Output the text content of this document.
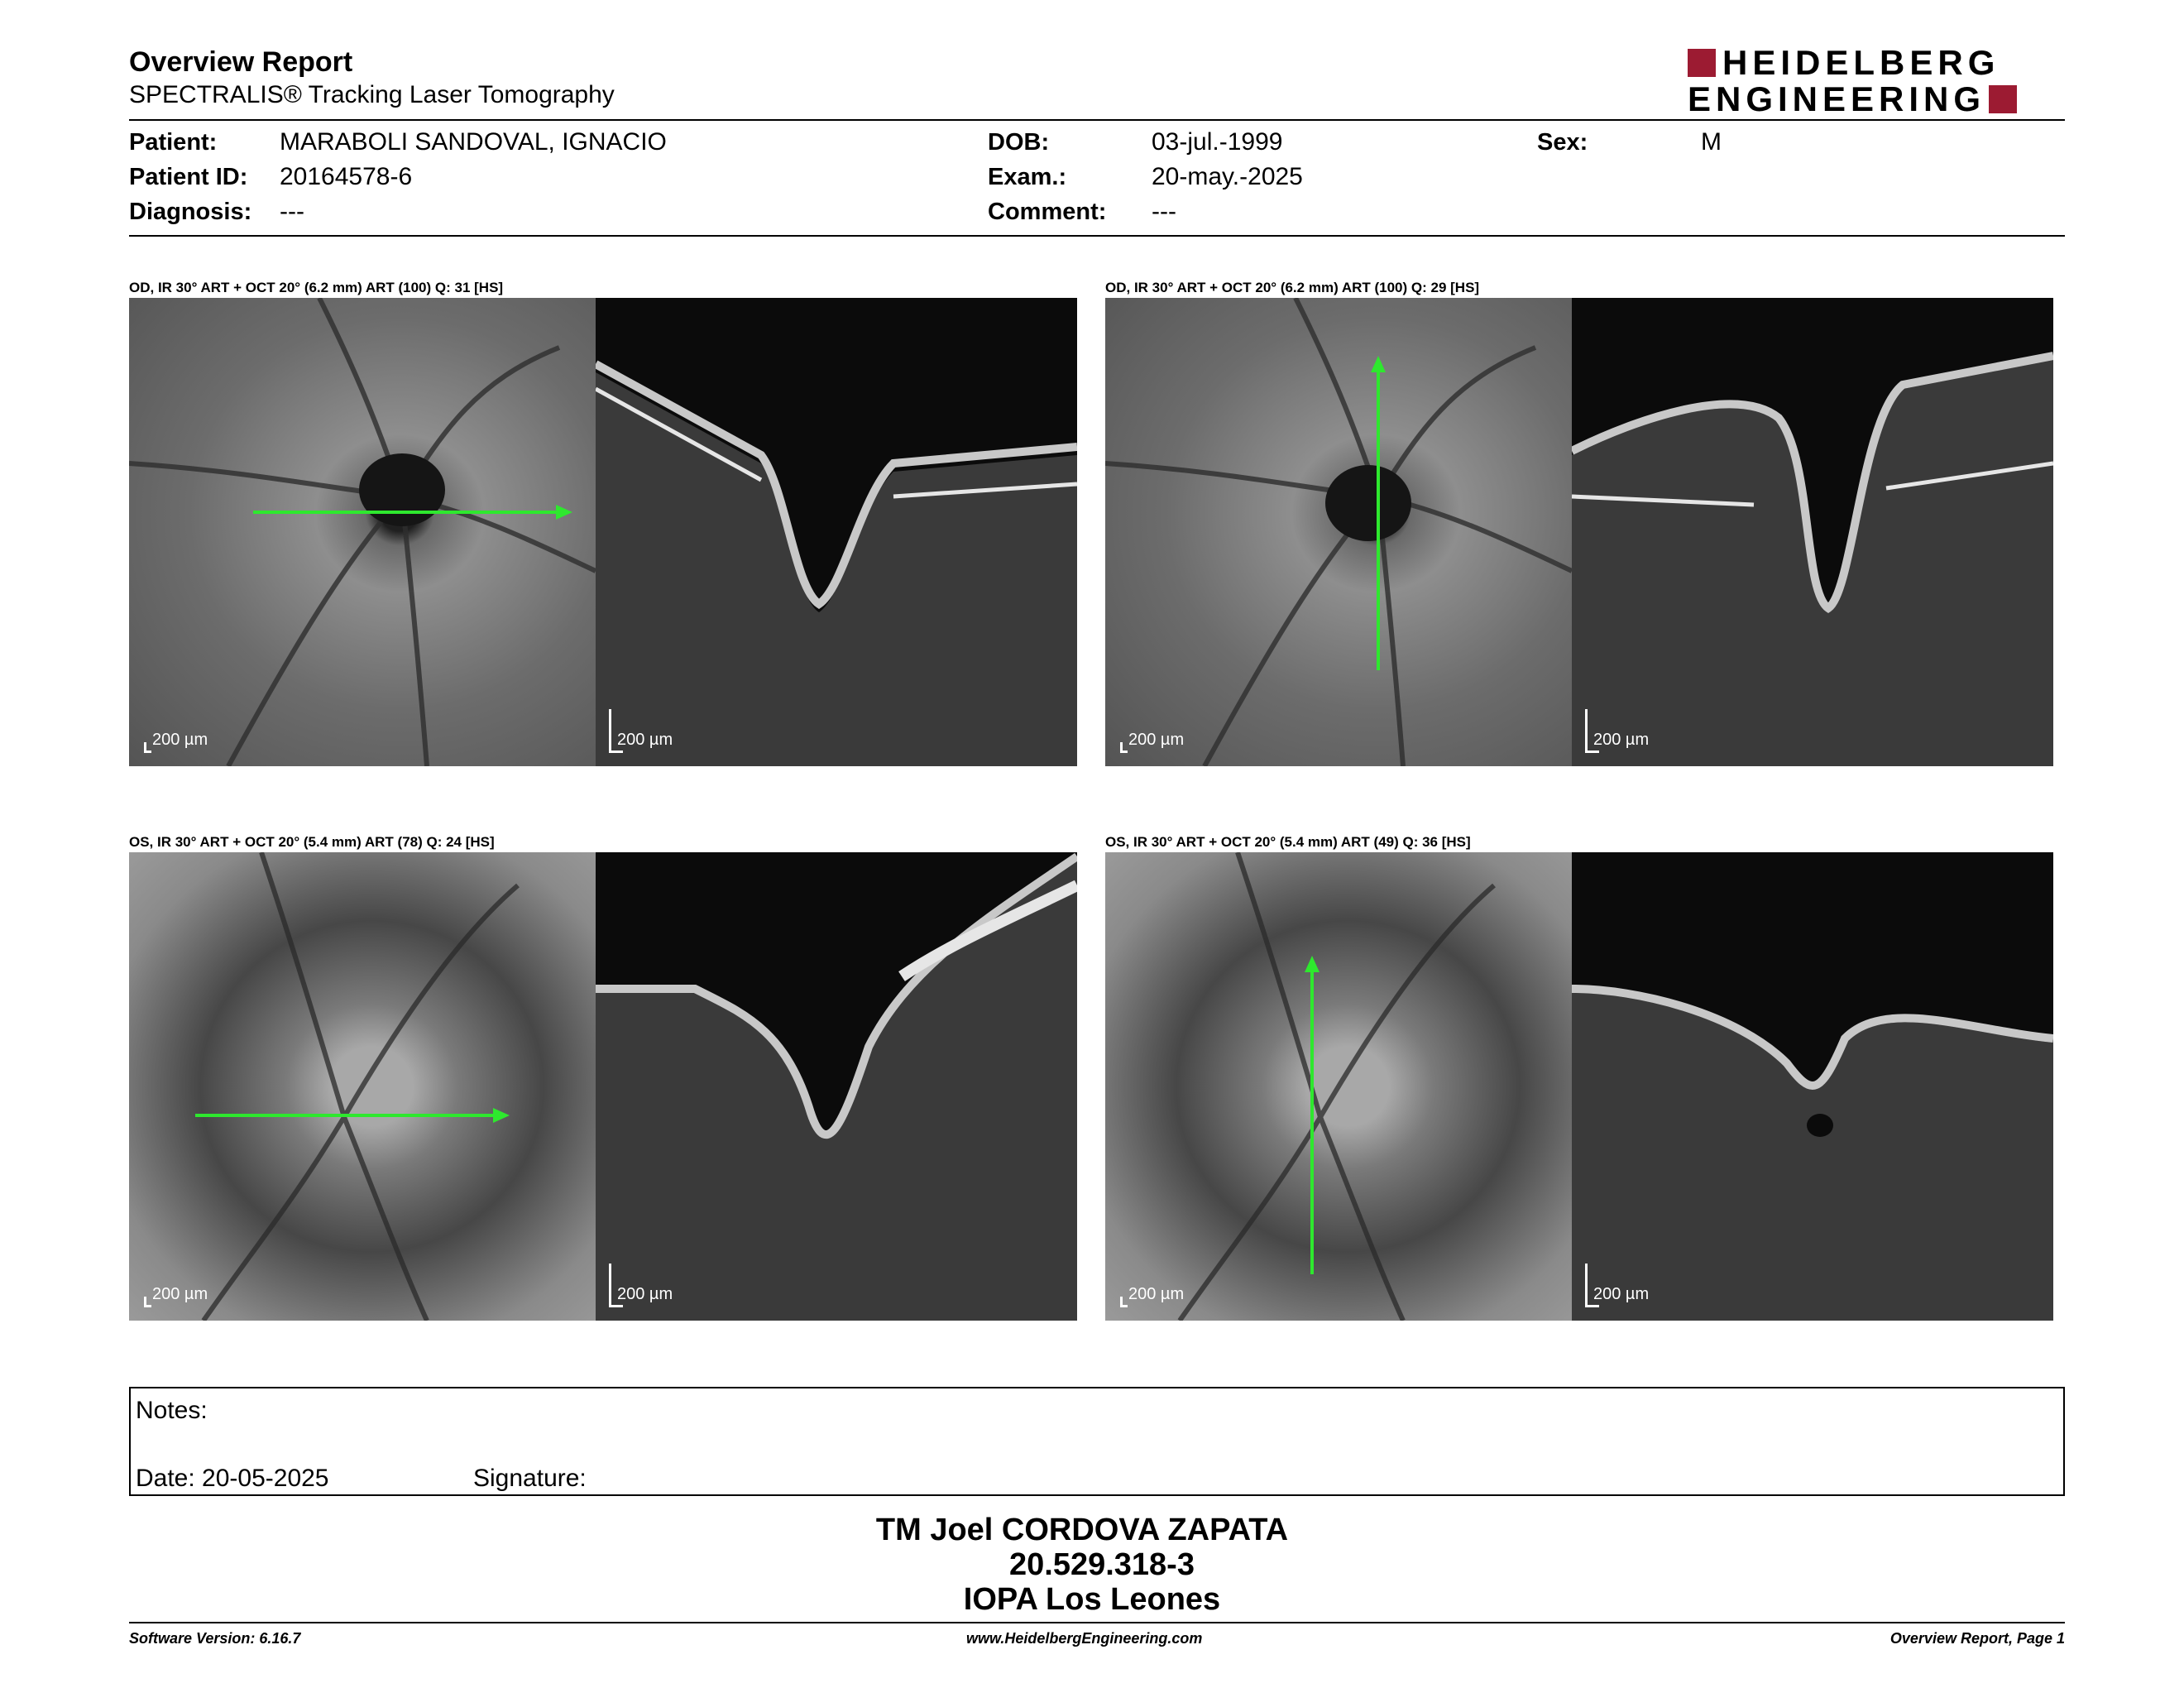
Overview Report
SPECTRALIS® Tracking Laser Tomography
HEIDELBERG
ENGINEERING
Patient:	MARABOLI SANDOVAL, IGNACIO
Patient ID: 20164578-6
Diagnosis: ---
DOB:	03-jul.-1999
Exam.:	20-may.-2025
Comment: ---
Sex:	M
OD, IR 30° ART + OCT 20° (6.2 mm) ART (100) Q: 31 [HS]
200 µm	200 µm
OD, IR 30° ART + OCT 20° (6.2 mm) ART (100) Q: 29 [HS]
200 µm	200 µm
OS, IR 30° ART + OCT 20° (5.4 mm) ART (78) Q: 24 [HS]
200 µm	200 µm
OS, IR 30° ART + OCT 20° (5.4 mm) ART (49) Q: 36 [HS]
200 µm	200 µm
Notes:
Date: 20-05-2025	Signature:
TM Joel CORDOVA ZAPATA
20.529.318-3
IOPA Los Leones
Software Version: 6.16.7	www.HeidelbergEngineering.com	Overview Report, Page 1
